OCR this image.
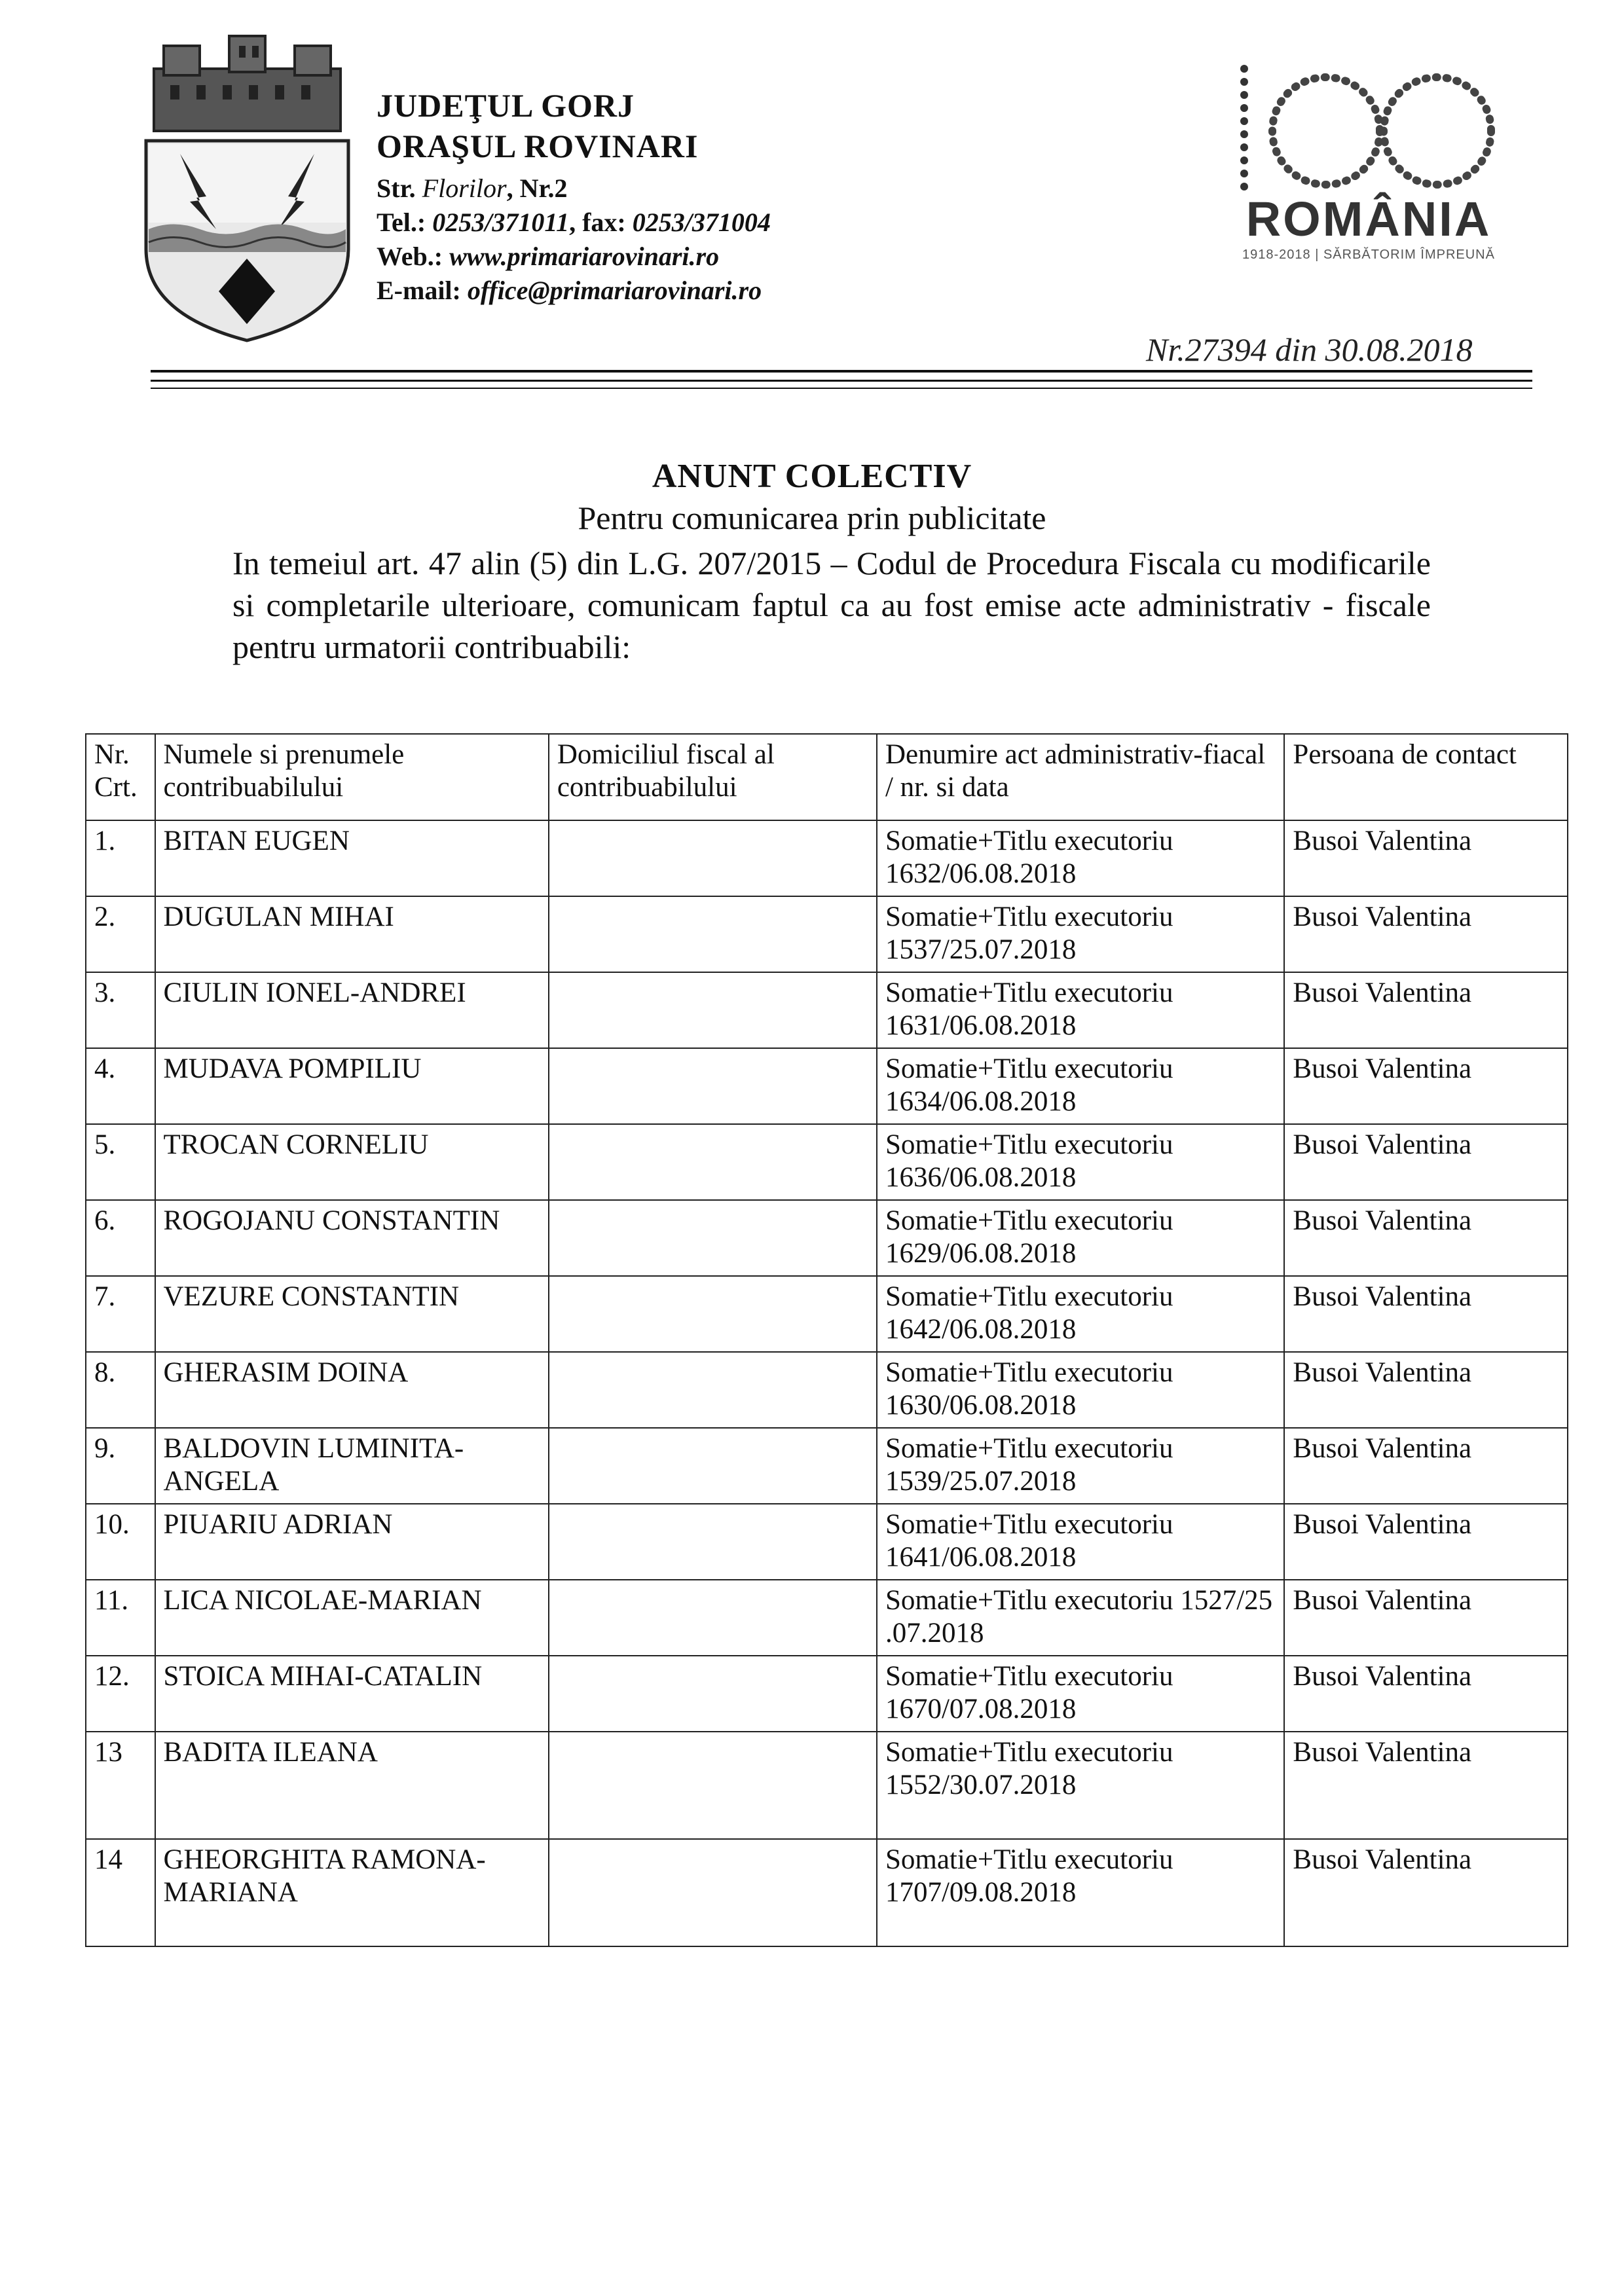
JUDEŢUL GORJ
ORAŞUL ROVINARI
Str. Florilor, Nr.2
Tel.: 0253/371011, fax: 0253/371004
Web.: www.primariarovinari.ro
E-mail: office@primariarovinari.ro
ROMÂNIA
1918-2018 | SĂRBĂTORIM ÎMPREUNĂ
Nr.27394 din 30.08.2018
ANUNT COLECTIV
Pentru comunicarea prin publicitate
In temeiul art. 47 alin (5) din L.G. 207/2015 – Codul de Procedura Fiscala cu modificarile si completarile ulterioare, comunicam faptul ca au fost emise acte administrativ - fiscale pentru urmatorii contribuabili:
Nr. Crt.	Numele si prenumele contribuabilului	Domiciliul fiscal al contribuabilului	Denumire act administrativ-fiacal / nr. si data	Persoana de contact
1.	BITAN EUGEN		Somatie+Titlu executoriu 1632/06.08.2018	Busoi Valentina
2.	DUGULAN MIHAI		Somatie+Titlu executoriu 1537/25.07.2018	Busoi Valentina
3.	CIULIN IONEL-ANDREI		Somatie+Titlu executoriu 1631/06.08.2018	Busoi Valentina
4.	MUDAVA POMPILIU		Somatie+Titlu executoriu 1634/06.08.2018	Busoi Valentina
5.	TROCAN CORNELIU		Somatie+Titlu executoriu 1636/06.08.2018	Busoi Valentina
6.	ROGOJANU CONSTANTIN		Somatie+Titlu executoriu 1629/06.08.2018	Busoi Valentina
7.	VEZURE CONSTANTIN		Somatie+Titlu executoriu 1642/06.08.2018	Busoi Valentina
8.	GHERASIM DOINA		Somatie+Titlu executoriu 1630/06.08.2018	Busoi Valentina
9.	BALDOVIN LUMINITA-ANGELA		Somatie+Titlu executoriu 1539/25.07.2018	Busoi Valentina
10.	PIUARIU ADRIAN		Somatie+Titlu executoriu 1641/06.08.2018	Busoi Valentina
11.	LICA NICOLAE-MARIAN		Somatie+Titlu executoriu 1527/25 .07.2018	Busoi Valentina
12.	STOICA MIHAI-CATALIN		Somatie+Titlu executoriu 1670/07.08.2018	Busoi Valentina
13	BADITA ILEANA		Somatie+Titlu executoriu 1552/30.07.2018	Busoi Valentina
14	GHEORGHITA RAMONA-MARIANA		Somatie+Titlu executoriu 1707/09.08.2018	Busoi Valentina
